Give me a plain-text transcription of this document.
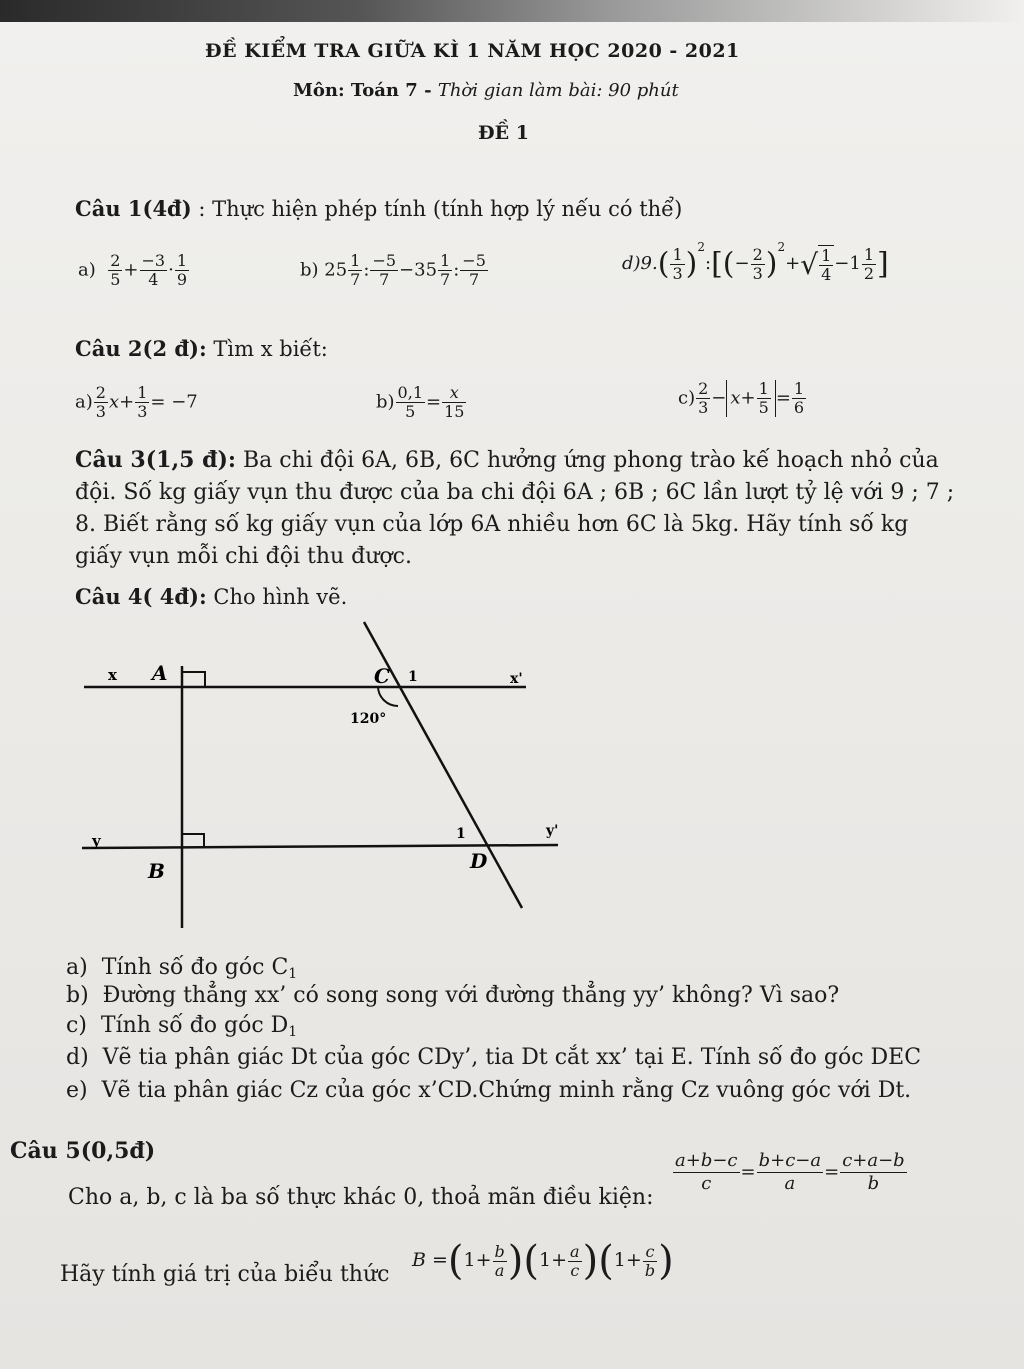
ĐỀ KIỂM TRA GIỮA KÌ 1 NĂM HỌC 2020 - 2021
Môn: Toán 7 - Thời gian làm bài: 90 phút
ĐỀ 1
Câu 1(4đ) : Thực hiện phép tính (tính hợp lý nếu có thể)
$a) \frac{2}{5} + \frac{-3}{4} \cdot \frac{1}{9}$	b) $25 \frac{1}{7}$ : $\frac{-5}{7} -35 \frac{1}{7}$ : $\frac{-5}{7}$	$d)9.( \frac{1}{3}$ )$^2:[(- \frac{2}{3} )^2+√ \frac{1}{4} -1 \frac{1}{2}$ ]
Câu 2(2 đ): Tìm x biết:
$a) \frac{2}{3} x+ \frac{1}{3} = -7$	$b) \frac{0,1}{5} = \frac{x}{15}$	$c) \frac{2}{3} - x+ \frac{1}{5} = \frac{1}{6}$
Câu 3(1,5 đ): Ba chi đội 6A, 6B, 6C hưởng ứng phong trào kế hoạch nhỏ của đội. Số kg giấy vụn thu được của ba chi đội 6A ; 6B ; 6C lần lượt tỷ lệ với 9 ; 7 ; 8. Biết rằng số kg giấy vụn của lớp 6A nhiều hơn 6C là 5kg. Hãy tính số kg giấy vụn mỗi chi đội thu được.
Câu 4( 4đ): Cho hình vẽ.
x A	C 1	x'
120°
y	1	y'
B	D
a) Tính số đo góc C1
b) Đường thẳng xx’ có song song với đường thẳng yy’ không? Vì sao?
c) Tính số đo góc D1
d) Vẽ tia phân giác Dt của góc CDy’, tia Dt cắt xx’ tại E. Tính số đo góc DEC
e) Vẽ tia phân giác Cz của góc x’CD.Chứng minh rằng Cz vuông góc với Dt.
Câu 5(0,5đ)
Cho a, b, c là ba số thực khác 0, thoả mãn điều kiện:
$\frac{a+b-c}{c} = \frac{b+c-a}{a} = \frac{c+a-b}{b}$
Hãy tính giá trị của biểu thức
$B =(1+ \frac{b}{a} )(1+ \frac{a}{c} )(1+ \frac{c}{b}$ )
